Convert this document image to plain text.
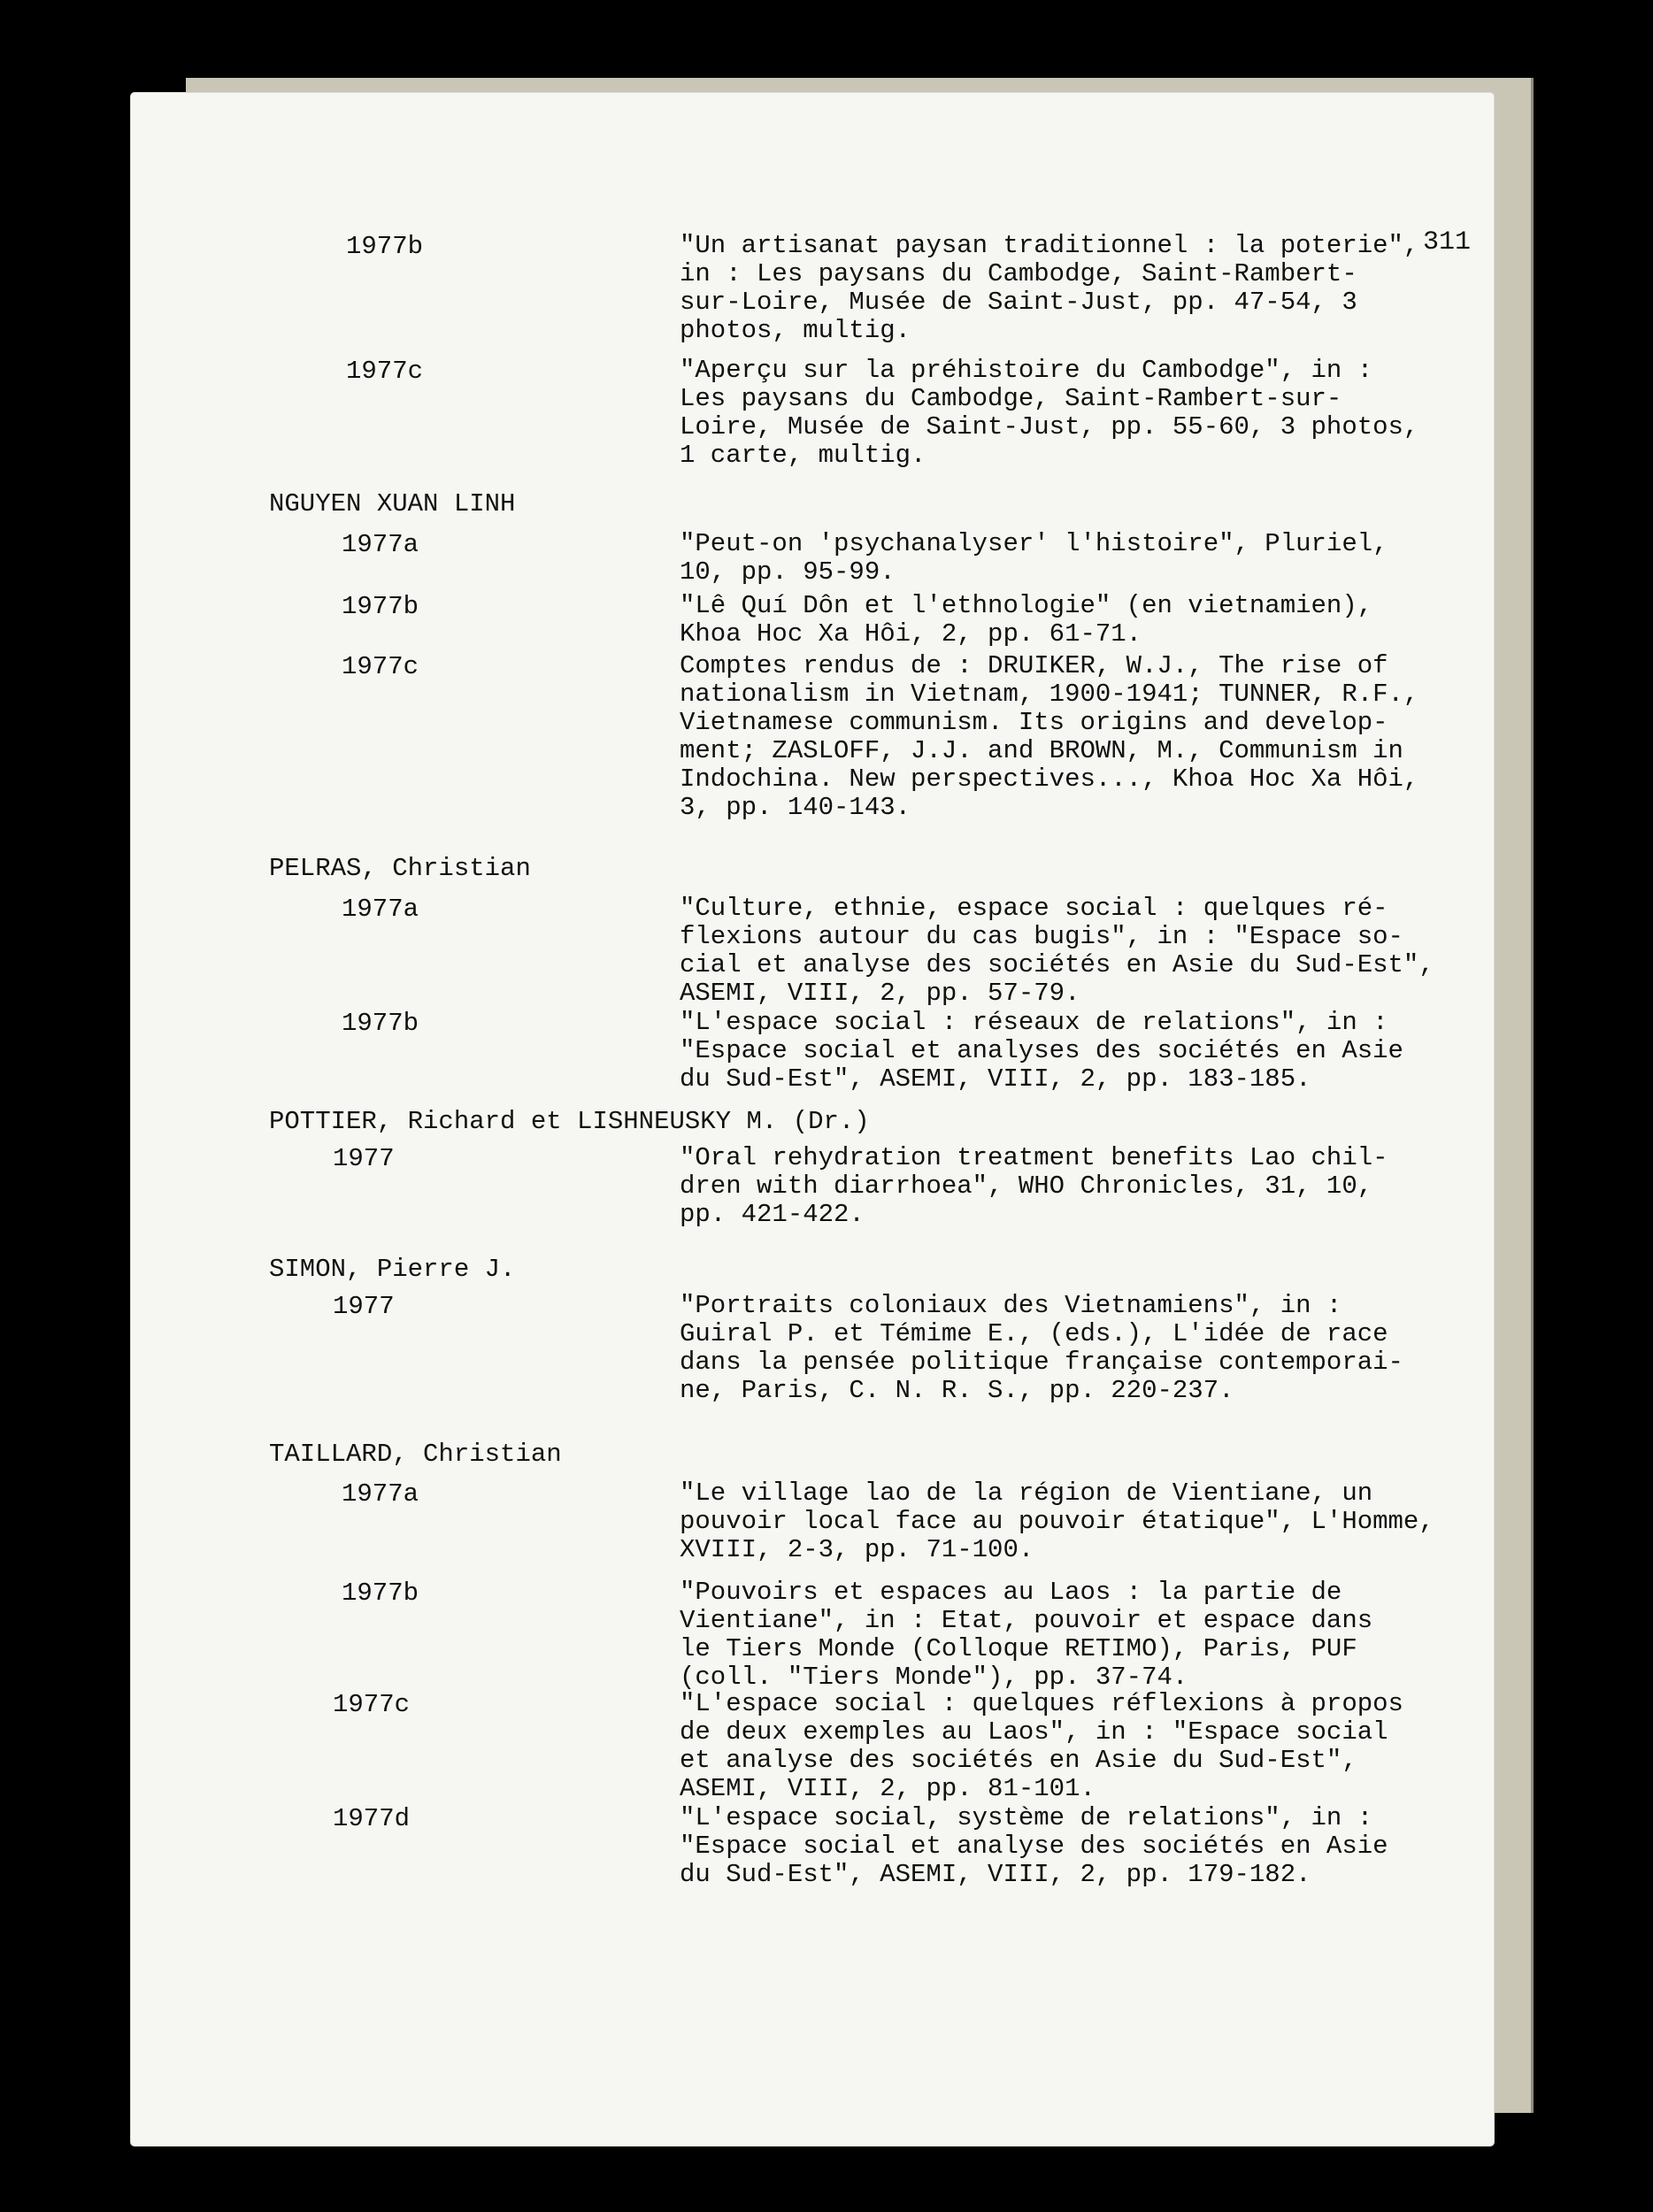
311
1977b	"Un artisanat paysan traditionnel : la poterie",
in : Les paysans du Cambodge, Saint-Rambert-
sur-Loire, Musée de Saint-Just, pp. 47-54, 3
photos, multig.
1977c	"Aperçu sur la préhistoire du Cambodge", in :
Les paysans du Cambodge, Saint-Rambert-sur-
Loire, Musée de Saint-Just, pp. 55-60, 3 photos,
1 carte, multig.
NGUYEN XUAN LINH
1977a	"Peut-on 'psychanalyser' l'histoire", Pluriel,
10, pp. 95-99.
1977b	"Lê Quí Dôn et l'ethnologie" (en vietnamien),
Khoa Hoc Xa Hôi, 2, pp. 61-71.
1977c	Comptes rendus de : DRUIKER, W.J., The rise of
nationalism in Vietnam, 1900-1941; TUNNER, R.F.,
Vietnamese communism. Its origins and develop-
ment; ZASLOFF, J.J. and BROWN, M., Communism in
Indochina. New perspectives..., Khoa Hoc Xa Hôi,
3, pp. 140-143.
PELRAS, Christian
1977a	"Culture, ethnie, espace social : quelques ré-
flexions autour du cas bugis", in : "Espace so-
cial et analyse des sociétés en Asie du Sud-Est",
ASEMI, VIII, 2, pp. 57-79.
1977b	"L'espace social : réseaux de relations", in :
"Espace social et analyses des sociétés en Asie
du Sud-Est", ASEMI, VIII, 2, pp. 183-185.
POTTIER, Richard et LISHNEUSKY M. (Dr.)
1977	"Oral rehydration treatment benefits Lao chil-
dren with diarrhoea", WHO Chronicles, 31, 10,
pp. 421-422.
SIMON, Pierre J.
1977	"Portraits coloniaux des Vietnamiens", in :
Guiral P. et Témime E., (eds.), L'idée de race
dans la pensée politique française contemporai-
ne, Paris, C. N. R. S., pp. 220-237.
TAILLARD, Christian
1977a	"Le village lao de la région de Vientiane, un
pouvoir local face au pouvoir étatique", L'Homme,
XVIII, 2-3, pp. 71-100.
1977b	"Pouvoirs et espaces au Laos : la partie de
Vientiane", in : Etat, pouvoir et espace dans
le Tiers Monde (Colloque RETIMO), Paris, PUF
(coll. "Tiers Monde"), pp. 37-74.
1977c	"L'espace social : quelques réflexions à propos
de deux exemples au Laos", in : "Espace social
et analyse des sociétés en Asie du Sud-Est",
ASEMI, VIII, 2, pp. 81-101.
1977d	"L'espace social, système de relations", in :
"Espace social et analyse des sociétés en Asie
du Sud-Est", ASEMI, VIII, 2, pp. 179-182.
